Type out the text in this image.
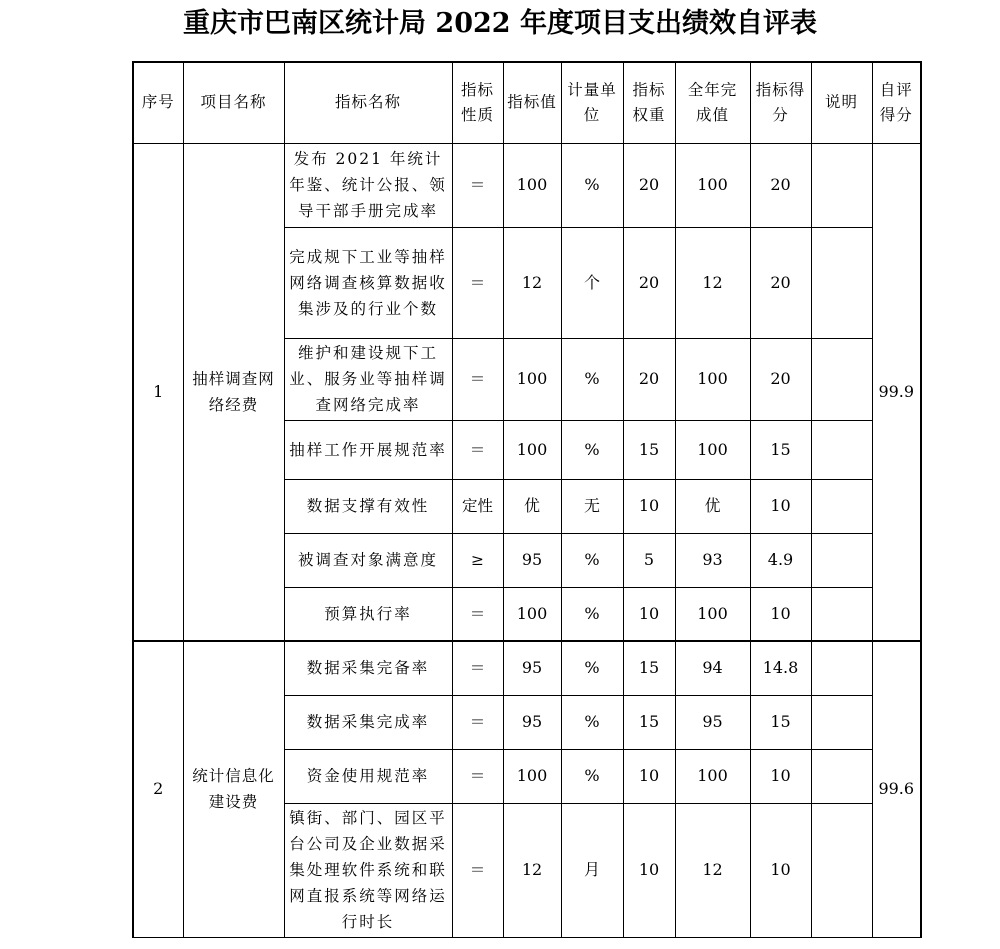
重庆市巴南区统计局 2022 年度项目支出绩效自评表
序号	项目名称	指标名称	指标性质	指标值	计量单位	指标权重	全年完成值	指标得分	说明	自评得分
1	抽样调查网络经费	发布 2021 年统计年鉴、统计公报、领导干部手册完成率	＝	100	%	20	100	20		99.9
		完成规下工业等抽样网络调查核算数据收集涉及的行业个数	＝	12	个	20	12	20		
		维护和建设规下工业、服务业等抽样调查网络完成率	＝	100	%	20	100	20		
		抽样工作开展规范率	＝	100	%	15	100	15		
		数据支撑有效性	定性	优	无	10	优	10		
		被调查对象满意度	≥	95	%	5	93	4.9		
		预算执行率	＝	100	%	10	100	10		
2	统计信息化建设费	数据采集完备率	＝	95	%	15	94	14.8		99.6
		数据采集完成率	＝	95	%	15	95	15		
		资金使用规范率	＝	100	%	10	100	10		
		镇街、部门、园区平台公司及企业数据采集处理软件系统和联网直报系统等网络运行时长	＝	12	月	10	12	10		
